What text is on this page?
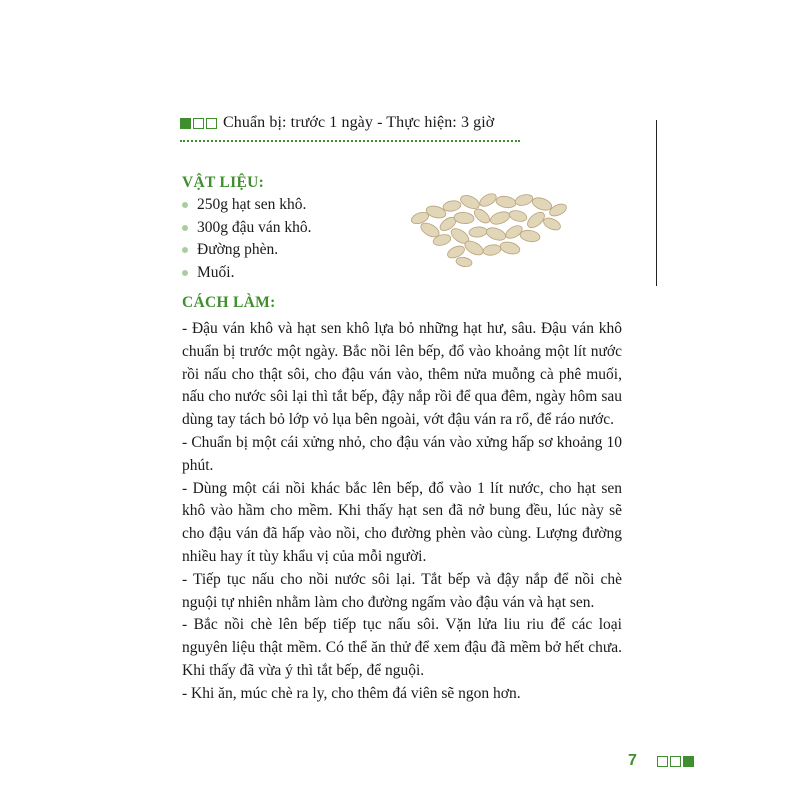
Chuẩn bị: trước 1 ngày - Thực hiện: 3 giờ
VẬT LIỆU:
250g hạt sen khô.
300g đậu ván khô.
Đường phèn.
Muối.
CÁCH LÀM:

- Đậu ván khô và hạt sen khô lựa bỏ những hạt hư, sâu. Đậu ván khô chuẩn bị trước một ngày. Bắc nồi lên bếp, đổ vào khoảng một lít nước rồi nấu cho thật sôi, cho đậu ván vào, thêm nửa muỗng cà phê muối, nấu cho nước sôi lại thì tắt bếp, đậy nắp rồi để qua đêm, ngày hôm sau dùng tay tách bỏ lớp vỏ lụa bên ngoài, vớt đậu ván ra rổ, để ráo nước.

- Chuẩn bị một cái xửng nhỏ, cho đậu ván vào xửng hấp sơ khoảng 10 phút.

- Dùng một cái nồi khác bắc lên bếp, đổ vào 1 lít nước, cho hạt sen khô vào hầm cho mềm. Khi thấy hạt sen đã nở bung đều, lúc này sẽ cho đậu ván đã hấp vào nồi, cho đường phèn vào cùng. Lượng đường nhiều hay ít tùy khẩu vị của mỗi người.

- Tiếp tục nấu cho nồi nước sôi lại. Tắt bếp và đậy nắp để nồi chè nguội tự nhiên nhằm làm cho đường ngấm vào đậu ván và hạt sen.

- Bắc nồi chè lên bếp tiếp tục nấu sôi. Vặn lửa liu riu để các loại nguyên liệu thật mềm. Có thể ăn thử để xem đậu đã mềm bở hết chưa. Khi thấy đã vừa ý thì tắt bếp, để nguội.

- Khi ăn, múc chè ra ly, cho thêm đá viên sẽ ngon hơn.

7
